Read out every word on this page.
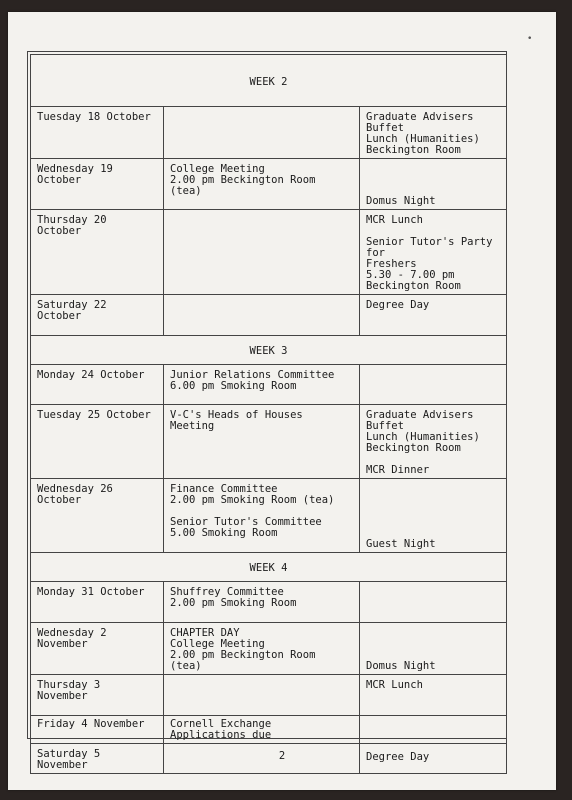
•
WEEK 2		
Tuesday 18 October		Graduate Advisers Buffet
Lunch (Humanities)
Beckington Room

Wednesday 19 October	College Meeting
2.00 pm Beckington Room (tea)	Domus Night

Thursday 20 October		MCR Lunch
Senior Tutor's Party for
Freshers
5.30 - 7.00 pm
Beckington Room

Saturday 22 October		Degree Day

WEEK 3		
Monday 24 October	Junior Relations Committee
6.00 pm Smoking Room	

Tuesday 25 October	V-C's Heads of Houses Meeting	Graduate Advisers Buffet
Lunch (Humanities)
Beckington Room
MCR Dinner

Wednesday 26 October	Finance Committee
2.00 pm Smoking Room (tea)
Senior Tutor's Committee
5.00 Smoking Room	Guest Night

WEEK 4		
Monday 31 October	Shuffrey Committee
2.00 pm Smoking Room	

Wednesday 2 November	CHAPTER DAY
College Meeting
2.00 pm Beckington Room (tea)	Domus Night

Thursday 3 November		MCR Lunch

Friday 4 November	Cornell Exchange Applications due	

Saturday 5 November		Degree Day
2
